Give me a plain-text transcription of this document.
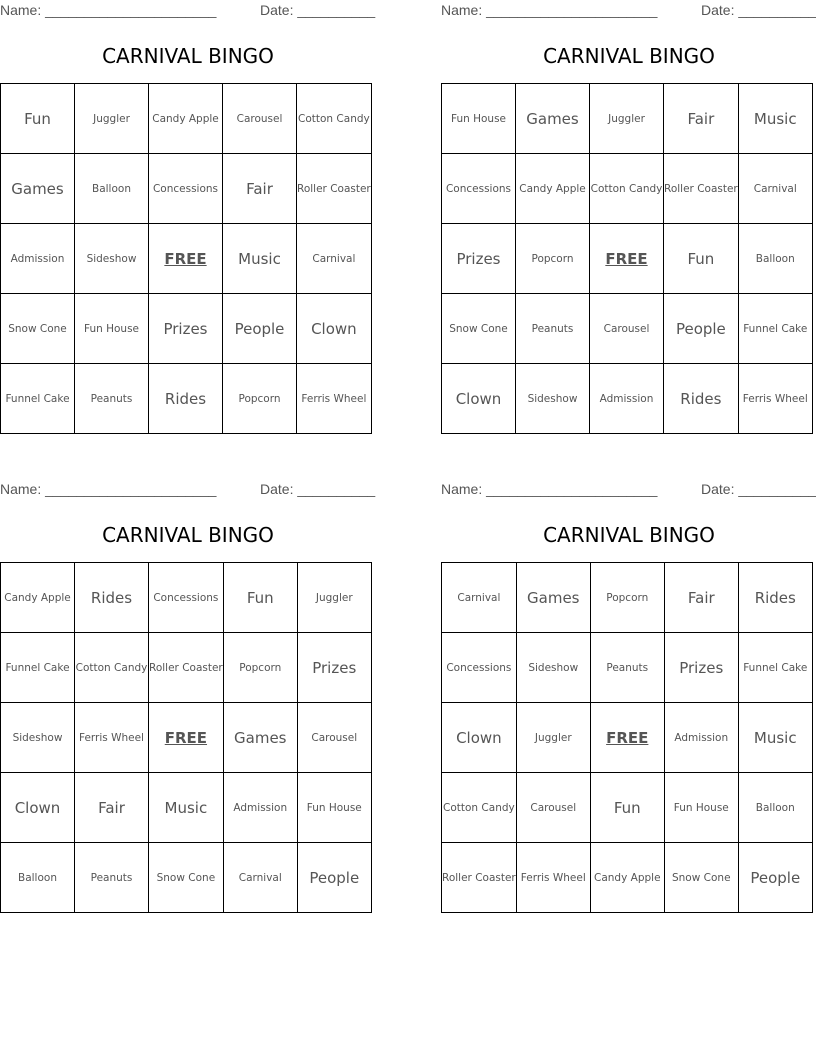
Name: ______________________	Date: __________
CARNIVAL BINGO
Fun	Juggler	Candy Apple	Carousel	Cotton Candy
Games	Balloon	Concessions	Fair	Roller Coaster
Admission	Sideshow	FREE	Music	Carnival
Snow Cone	Fun House	Prizes	People	Clown
Funnel Cake	Peanuts	Rides	Popcorn	Ferris Wheel
Name: ______________________	Date: __________
CARNIVAL BINGO
Fun House	Games	Juggler	Fair	Music
Concessions	Candy Apple	Cotton Candy	Roller Coaster	Carnival
Prizes	Popcorn	FREE	Fun	Balloon
Snow Cone	Peanuts	Carousel	People	Funnel Cake
Clown	Sideshow	Admission	Rides	Ferris Wheel
Name: ______________________	Date: __________
CARNIVAL BINGO
Candy Apple	Rides	Concessions	Fun	Juggler
Funnel Cake	Cotton Candy	Roller Coaster	Popcorn	Prizes
Sideshow	Ferris Wheel	FREE	Games	Carousel
Clown	Fair	Music	Admission	Fun House
Balloon	Peanuts	Snow Cone	Carnival	People
Name: ______________________	Date: __________
CARNIVAL BINGO
Carnival	Games	Popcorn	Fair	Rides
Concessions	Sideshow	Peanuts	Prizes	Funnel Cake
Clown	Juggler	FREE	Admission	Music
Cotton Candy	Carousel	Fun	Fun House	Balloon
Roller Coaster	Ferris Wheel	Candy Apple	Snow Cone	People
